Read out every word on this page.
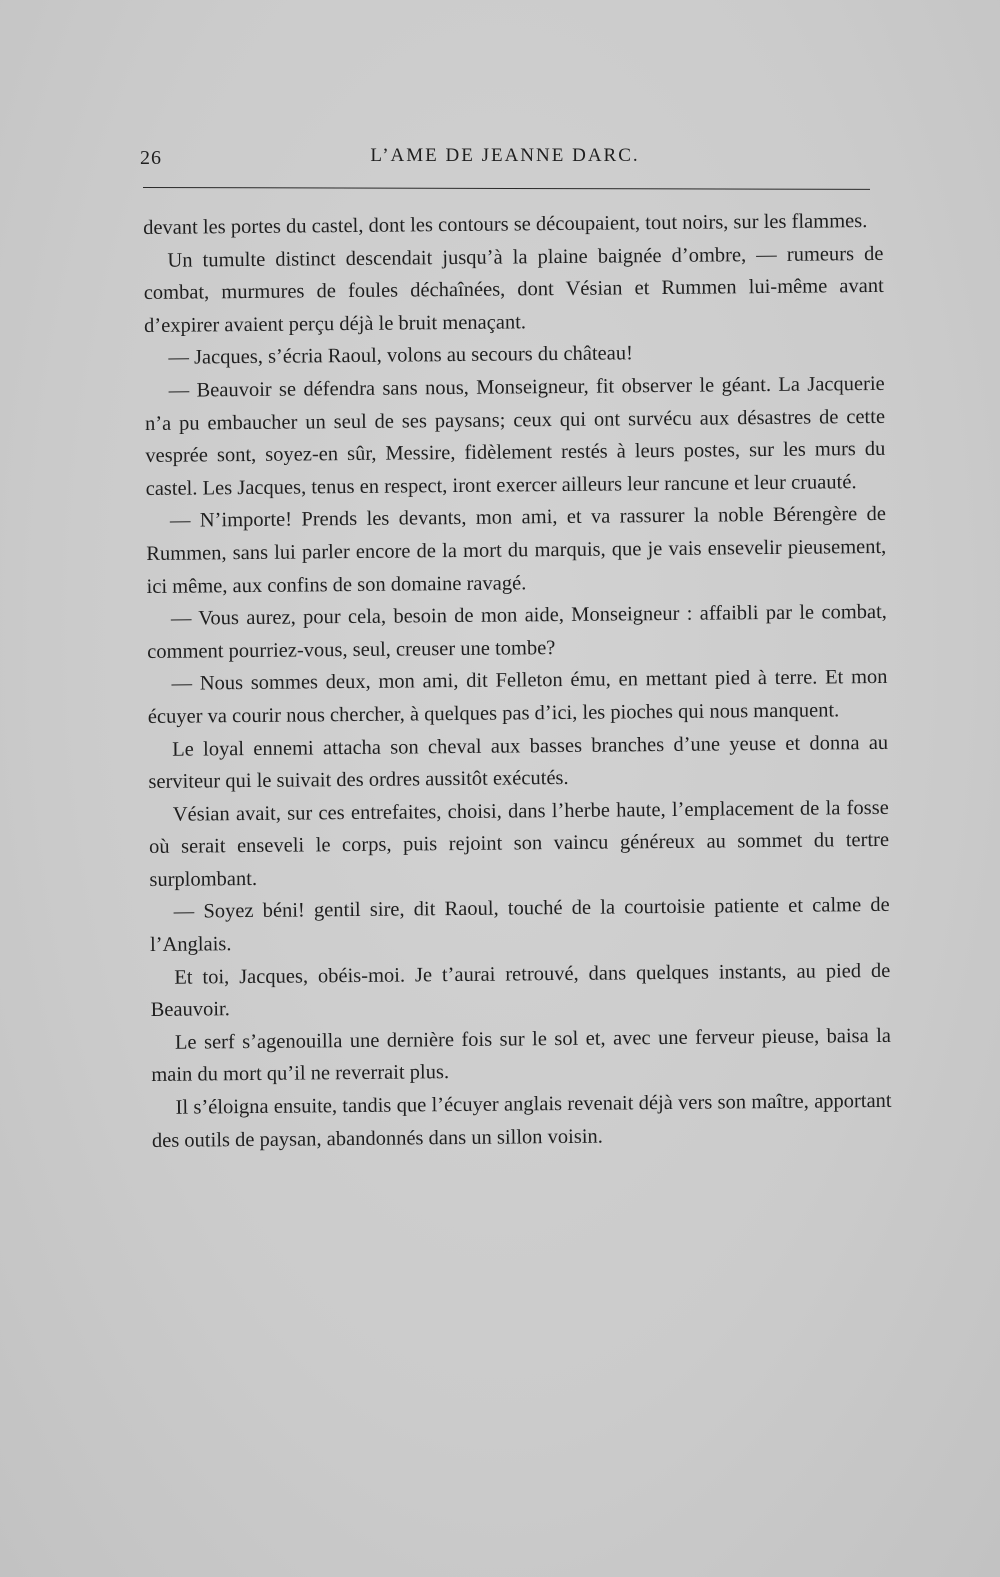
26	L’AME DE JEANNE DARC.

devant les portes du castel, dont les contours se découpaient, tout noirs, sur les flammes.

Un tumulte distinct descendait jusqu’à la plaine baignée d’ombre, — rumeurs de combat, murmures de foules déchaînées, dont Vésian et Rummen lui-même avant d’expirer avaient perçu déjà le bruit menaçant.

— Jacques, s’écria Raoul, volons au secours du château!

— Beauvoir se défendra sans nous, Monseigneur, fit observer le géant. La Jacquerie n’a pu embaucher un seul de ses paysans; ceux qui ont survécu aux désastres de cette vesprée sont, soyez-en sûr, Messire, fidèlement restés à leurs postes, sur les murs du castel. Les Jacques, tenus en respect, iront exercer ailleurs leur rancune et leur cruauté.

— N’importe! Prends les devants, mon ami, et va rassurer la noble Bérengère de Rummen, sans lui parler encore de la mort du marquis, que je vais ensevelir pieusement, ici même, aux confins de son domaine ravagé.

— Vous aurez, pour cela, besoin de mon aide, Monseigneur : affaibli par le combat, comment pourriez-vous, seul, creuser une tombe?

— Nous sommes deux, mon ami, dit Felleton ému, en mettant pied à terre. Et mon écuyer va courir nous chercher, à quelques pas d’ici, les pioches qui nous manquent.

Le loyal ennemi attacha son cheval aux basses branches d’une yeuse et donna au serviteur qui le suivait des ordres aussitôt exécutés.

Vésian avait, sur ces entrefaites, choisi, dans l’herbe haute, l’emplacement de la fosse où serait enseveli le corps, puis rejoint son vaincu généreux au sommet du tertre surplombant.

— Soyez béni! gentil sire, dit Raoul, touché de la courtoisie patiente et calme de l’Anglais.

Et toi, Jacques, obéis-moi. Je t’aurai retrouvé, dans quelques instants, au pied de Beauvoir.

Le serf s’agenouilla une dernière fois sur le sol et, avec une ferveur pieuse, baisa la main du mort qu’il ne reverrait plus.

Il s’éloigna ensuite, tandis que l’écuyer anglais revenait déjà vers son maître, apportant des outils de paysan, abandonnés dans un sillon voisin.
